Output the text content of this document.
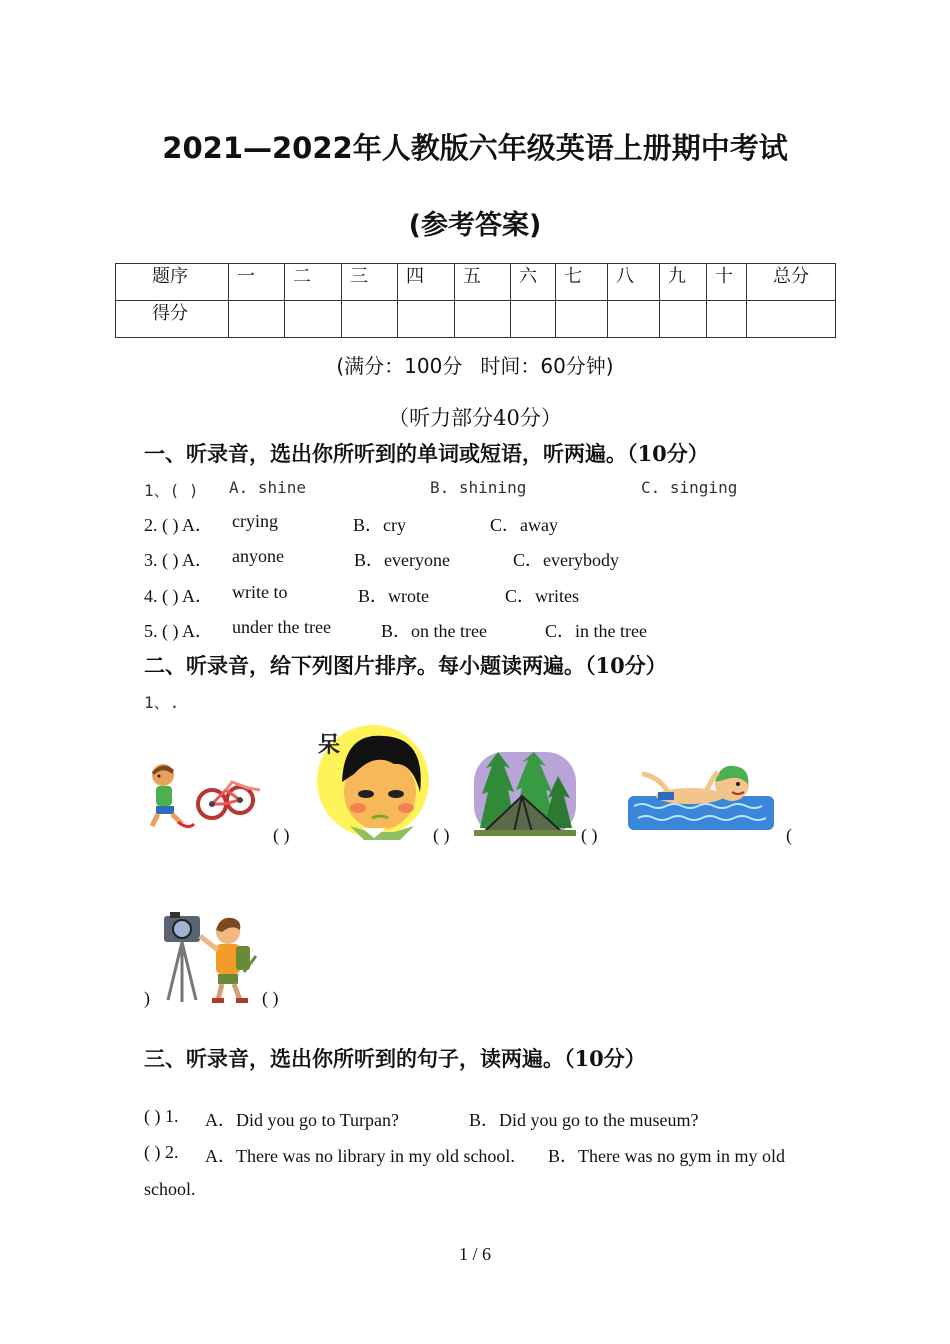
2021—2022年人教版六年级英语上册期中考试
(参考答案)
题序	一	二	三	四	五	六	七	八	九	十	总分
得分											
(满分：100分 时间：60分钟)
（听力部分40分）
一、听录音，选出你所听到的单词或短语，听两遍。（10分）
1、( ) A. shine	B. shining	C. singing
2. ( ) A． crying	B．cry	C．away
3. ( ) A． anyone	B．everyone	C．everybody
4. ( ) A． write to	B．wrote	C．writes
5. ( ) A． under the tree	B．on the tree	C．in the tree
二、听录音，给下列图片排序。每小题读两遍。（10分）
1、.
( )
呆
( )	( )	(
)	( )
三、听录音，选出你所听到的句子，读两遍。（10分）
( ) 1. A．Did you go to Turpan?	B．Did you go to the museum?
( ) 2. A．There was no library in my old school. B．There was no gym in my old
school.
1 / 6
